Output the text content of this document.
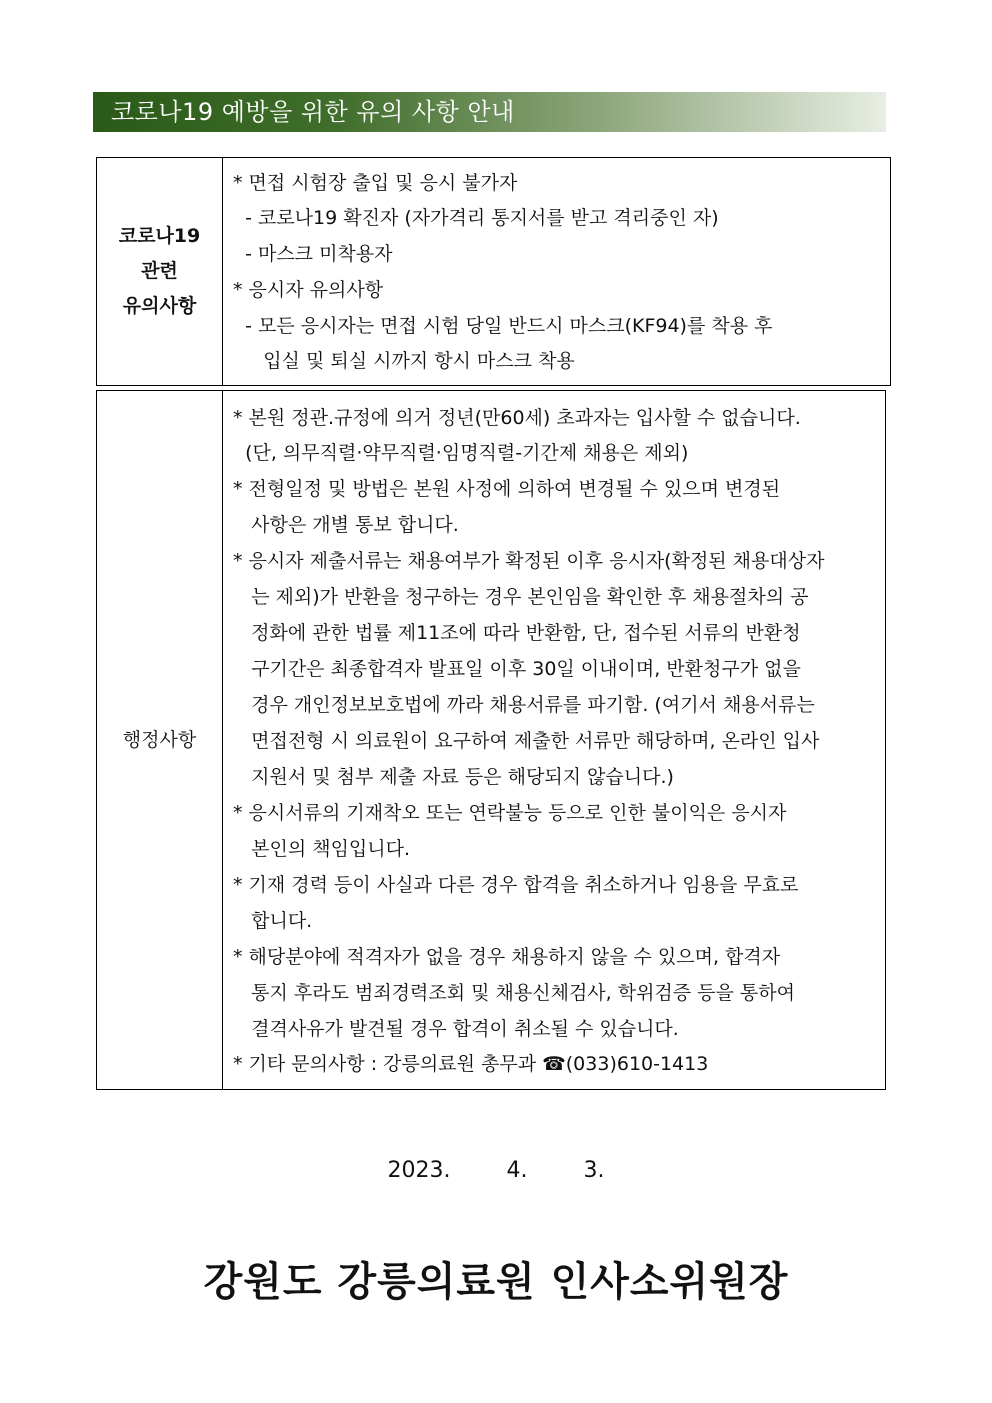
코로나19 예방을 위한 유의 사항 안내
코로나19
관련
유의사항
* 면접 시험장 출입 및 응시 불가자
- 코로나19 확진자 (자가격리 통지서를 받고 격리중인 자)
- 마스크 미착용자
* 응시자 유의사항
- 모든 응시자는 면접 시험 당일 반드시 마스크(KF94)를 착용 후
입실 및 퇴실 시까지 항시 마스크 착용
행정사항
* 본원 정관.규정에 의거 정년(만60세) 초과자는 입사할 수 없습니다.
(단, 의무직렬·약무직렬·임명직렬-기간제 채용은 제외)
* 전형일정 및 방법은 본원 사정에 의하여 변경될 수 있으며 변경된
사항은 개별 통보 합니다.
* 응시자 제출서류는 채용여부가 확정된 이후 응시자(확정된 채용대상자
는 제외)가 반환을 청구하는 경우 본인임을 확인한 후 채용절차의 공
정화에 관한 법률 제11조에 따라 반환함, 단, 접수된 서류의 반환청
구기간은 최종합격자 발표일 이후 30일 이내이며, 반환청구가 없을
경우 개인정보보호법에 까라 채용서류를 파기함. (여기서 채용서류는
면접전형 시 의료원이 요구하여 제출한 서류만 해당하며, 온라인 입사
지원서 및 첨부 제출 자료 등은 해당되지 않습니다.)
* 응시서류의 기재착오 또는 연락불능 등으로 인한 불이익은 응시자
본인의 책임입니다.
* 기재 경력 등이 사실과 다른 경우 합격을 취소하거나 임용을 무효로
합니다.
* 해당분야에 적격자가 없을 경우 채용하지 않을 수 있으며, 합격자
통지 후라도 범죄경력조회 및 채용신체검사, 학위검증 등을 통하여
결격사유가 발견될 경우 합격이 취소될 수 있습니다.
* 기타 문의사항 : 강릉의료원 총무과 ☎(033)610-1413
2023.	4.	3.
강원도 강릉의료원 인사소위원장
